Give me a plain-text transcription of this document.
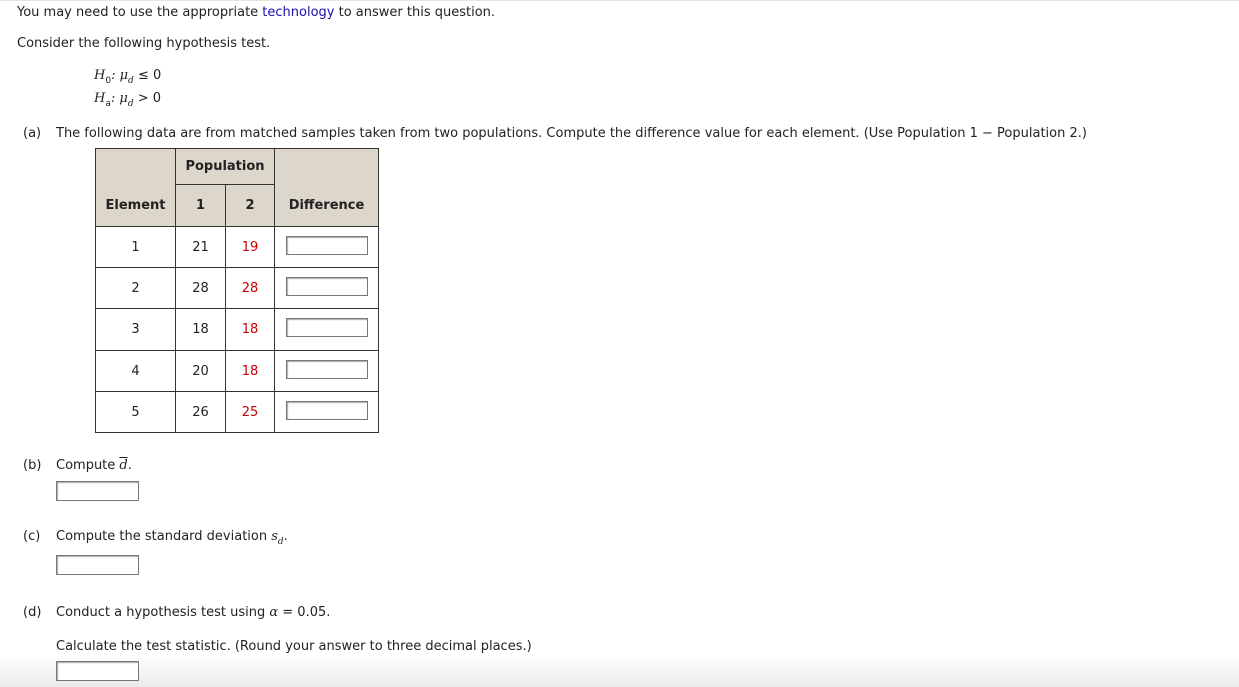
You may need to use the appropriate technology to answer this question.
Consider the following hypothesis test.
$H_0$: $\mu_d \le 0$
$H_a$: $\mu_d > 0$
(a) The following data are from matched samples taken from two populations. Compute the difference value for each element. (Use Population 1 − Population 2.)
Element	Population		Difference

	1	2	
1	21	19	
2	28	28	
3	18	18	
4	20	18	
5	26	25	
(b) Compute $\overline{d}$.
(c) Compute the standard deviation $s_d$.
(d) Conduct a hypothesis test using α = 0.05.
Calculate the test statistic. (Round your answer to three decimal places.)
